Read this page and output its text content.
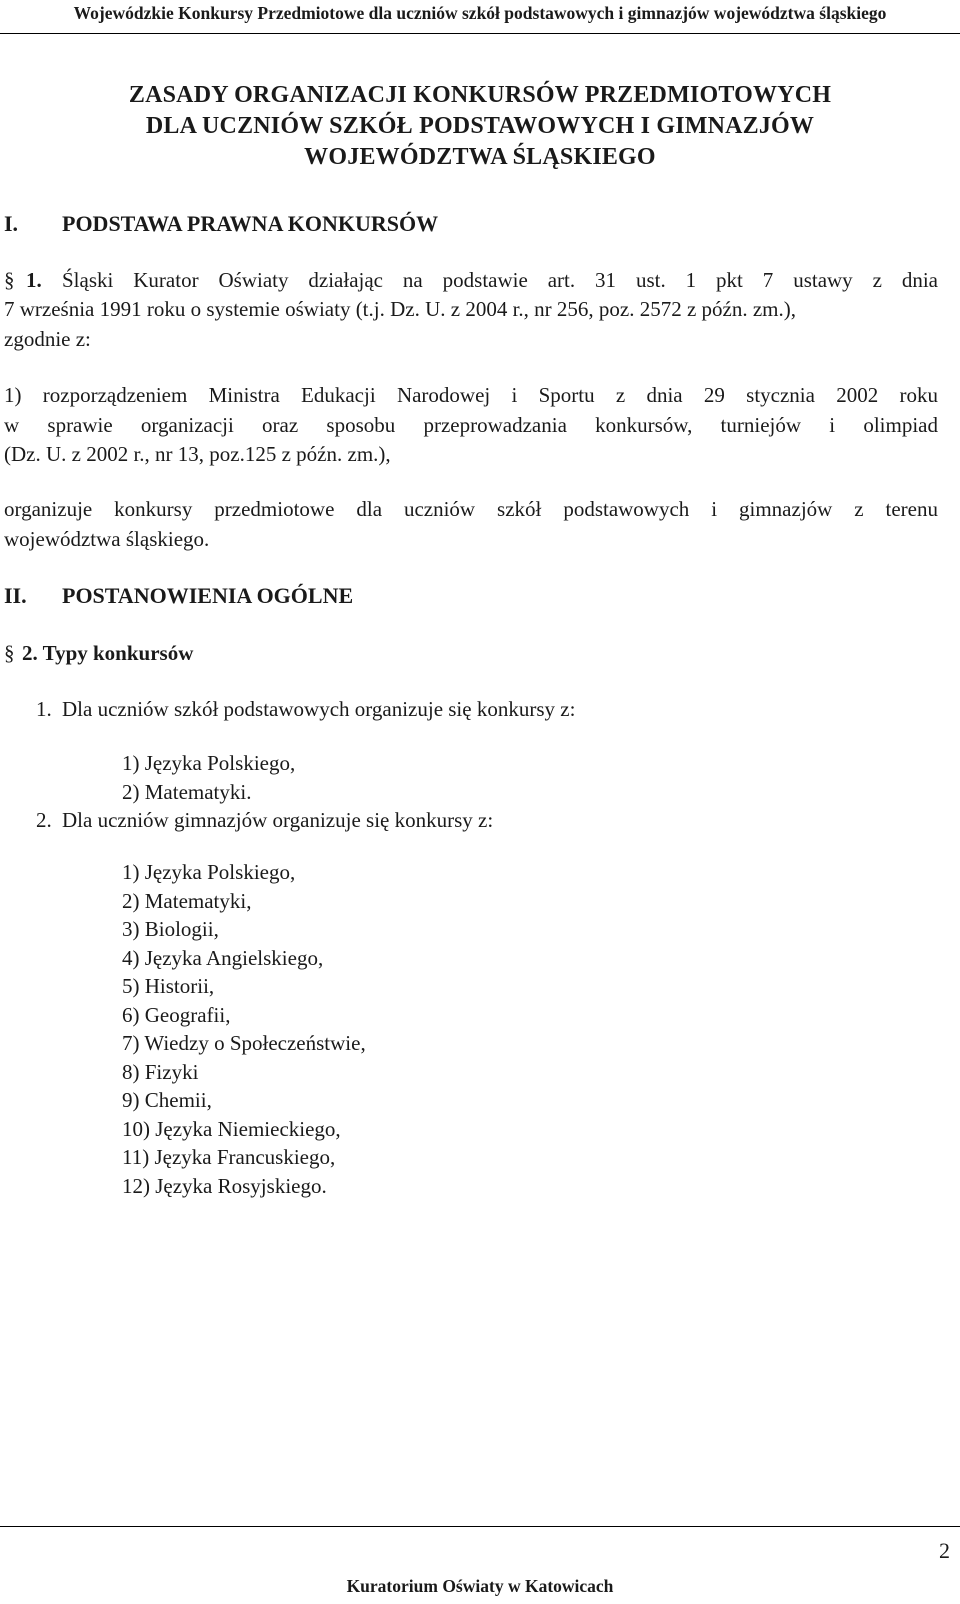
Wojewódzkie Konkursy Przedmiotowe dla uczniów szkół podstawowych i gimnazjów województwa śląskiego
ZASADY ORGANIZACJI KONKURSÓW PRZEDMIOTOWYCH
DLA UCZNIÓW SZKÓŁ PODSTAWOWYCH I GIMNAZJÓW
WOJEWÓDZTWA ŚLĄSKIEGO
I. PODSTAWA PRAWNA KONKURSÓW
§ 1. Śląski Kurator Oświaty działając na podstawie art. 31 ust. 1 pkt 7 ustawy z dnia
7 września 1991 roku o systemie oświaty (t.j. Dz. U. z 2004 r., nr 256, poz. 2572 z późn. zm.),
zgodnie z:
1) rozporządzeniem Ministra Edukacji Narodowej i Sportu z dnia 29 stycznia 2002 roku
w sprawie organizacji oraz sposobu przeprowadzania konkursów, turniejów i olimpiad
(Dz. U. z 2002 r., nr 13, poz.125 z późn. zm.),
organizuje konkursy przedmiotowe dla uczniów szkół podstawowych i gimnazjów z terenu
województwa śląskiego.
II. POSTANOWIENIA OGÓLNE
§ 2. Typy konkursów
1. Dla uczniów szkół podstawowych organizuje się konkursy z:
1) Języka Polskiego,
2) Matematyki.
2. Dla uczniów gimnazjów organizuje się konkursy z:
1) Języka Polskiego,
2) Matematyki,
3) Biologii,
4) Języka Angielskiego,
5) Historii,
6) Geografii,
7) Wiedzy o Społeczeństwie,
8) Fizyki
9) Chemii,
10) Języka Niemieckiego,
11) Języka Francuskiego,
12) Języka Rosyjskiego.
2
Kuratorium Oświaty w Katowicach
